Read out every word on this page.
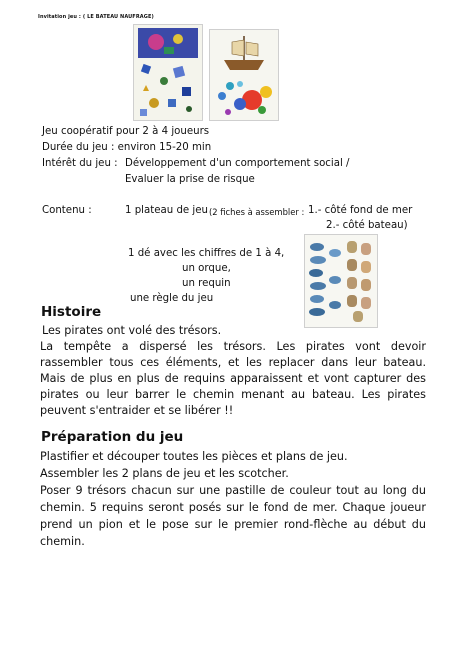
Invitation jeu : ( LE BATEAU NAUFRAGE)
Jeu coopératif pour 2 à 4 joueurs
Durée du jeu : environ 15-20 min
Intérêt du jeu : Développement d'un comportement social /
Evaluer la prise de risque
Contenu :	1 plateau de jeu (2 fiches à assembler : 1.- côté fond de mer
2.- côté bateau)
1 dé avec les chiffres de 1 à 4,
un orque,
un requin
une règle du jeu
Histoire

Les pirates ont volé des trésors.

La tempête a dispersé les trésors. Les pirates vont devoir rassembler tous ces éléments, et les replacer dans leur bateau. Mais de plus en plus de requins apparaissent et vont capturer des pirates ou leur barrer le chemin menant au bateau. Les pirates peuvent s'entraider et se libérer !!

Préparation du jeu

Plastifier et découper toutes les pièces et plans de jeu.

Assembler les 2 plans de jeu et les scotcher.

Poser 9 trésors chacun sur une pastille de couleur tout au long du chemin. 5 requins seront posés sur le fond de mer. Chaque joueur prend un pion et le pose sur le premier rond-flèche au début du chemin.
